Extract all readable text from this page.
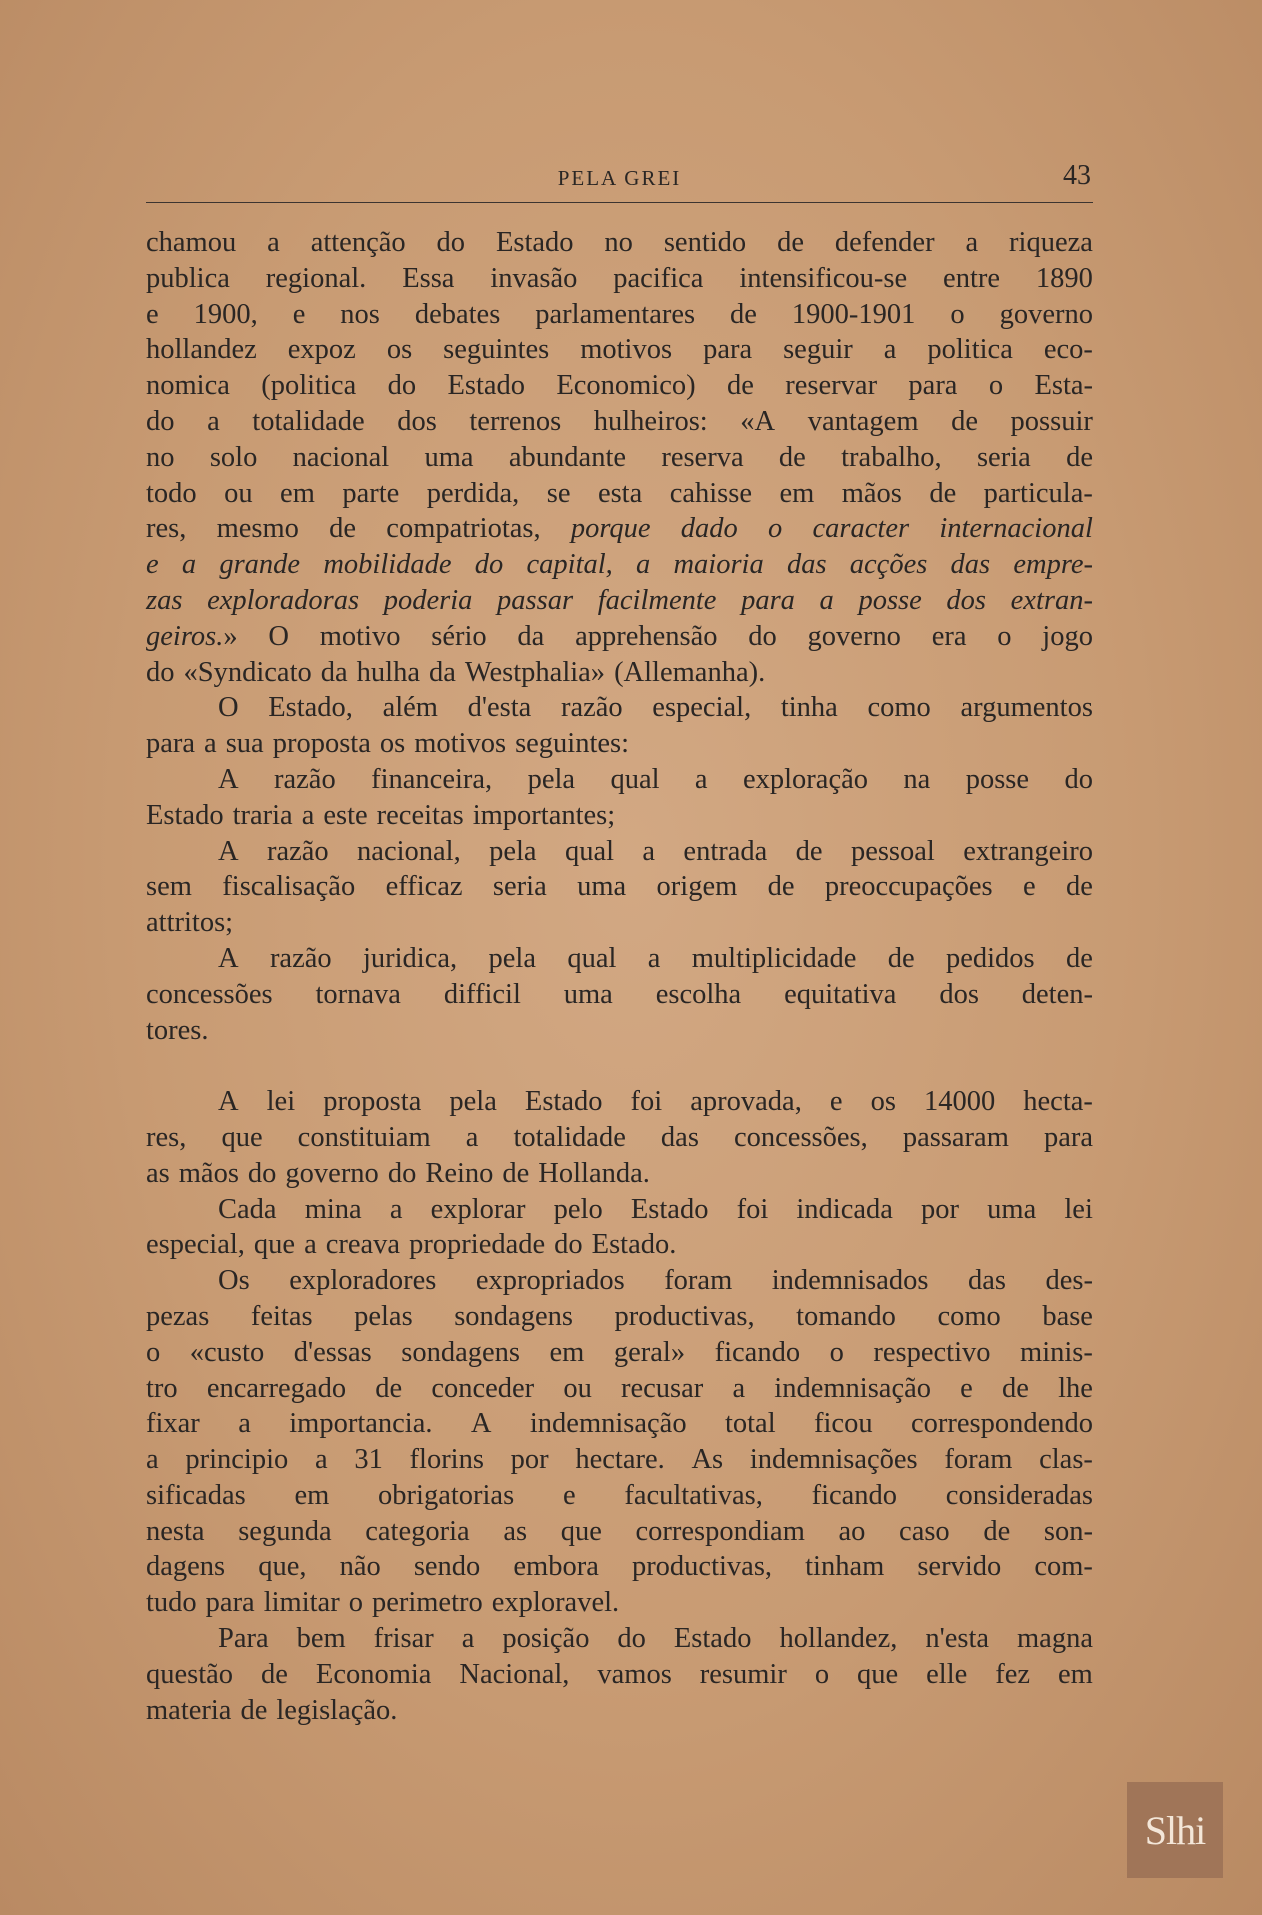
PELA GREI	43
chamou a attenção do Estado no sentido de defender a riqueza
publica regional. Essa invasão pacifica intensificou-se entre 1890
e 1900, e nos debates parlamentares de 1900-1901 o governo
hollandez expoz os seguintes motivos para seguir a politica eco-
nomica (politica do Estado Economico) de reservar para o Esta-
do a totalidade dos terrenos hulheiros: «A vantagem de possuir
no solo nacional uma abundante reserva de trabalho, seria de
todo ou em parte perdida, se esta cahisse em mãos de particula-
res, mesmo de compatriotas, porque dado o caracter internacional
e a grande mobilidade do capital, a maioria das acções das empre-
zas exploradoras poderia passar facilmente para a posse dos extran-
geiros.» O motivo sério da apprehensão do governo era o jogo
do «Syndicato da hulha da Westphalia» (Allemanha).
O Estado, além d'esta razão especial, tinha como argumentos
para a sua proposta os motivos seguintes:
A razão financeira, pela qual a exploração na posse do
Estado traria a este receitas importantes;
A razão nacional, pela qual a entrada de pessoal extrangeiro
sem fiscalisação efficaz seria uma origem de preoccupações e de
attritos;
A razão juridica, pela qual a multiplicidade de pedidos de
concessões tornava difficil uma escolha equitativa dos deten-
tores.
A lei proposta pela Estado foi aprovada, e os 14000 hecta-
res, que constituiam a totalidade das concessões, passaram para
as mãos do governo do Reino de Hollanda.
Cada mina a explorar pelo Estado foi indicada por uma lei
especial, que a creava propriedade do Estado.
Os exploradores expropriados foram indemnisados das des-
pezas feitas pelas sondagens productivas, tomando como base
o «custo d'essas sondagens em geral» ficando o respectivo minis-
tro encarregado de conceder ou recusar a indemnisação e de lhe
fixar a importancia. A indemnisação total ficou correspondendo
a principio a 31 florins por hectare. As indemnisações foram clas-
sificadas em obrigatorias e facultativas, ficando consideradas
nesta segunda categoria as que correspondiam ao caso de son-
dagens que, não sendo embora productivas, tinham servido com-
tudo para limitar o perimetro exploravel.
Para bem frisar a posição do Estado hollandez, n'esta magna
questão de Economia Nacional, vamos resumir o que elle fez em
materia de legislação.
Slhi
